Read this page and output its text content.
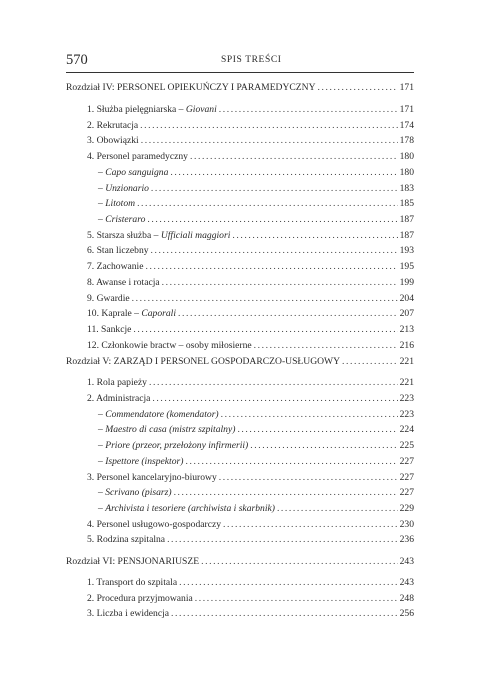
570	SPIS TREŚCI
Rozdział IV: PERSONEL OPIEKUŃCZY I PARAMEDYCZNY .....	171
1. Służba pielęgniarska – Giovani .....	171
2. Rekrutacja .....	174
3. Obowiązki .....	178
4. Personel paramedyczny .....	180
– Capo sanguigna .....	180
– Unzionario .....	183
– Litotom .....	185
– Cristeraro .....	187
5. Starsza służba – Ufficiali maggiori .....	187
6. Stan liczebny .....	193
7. Zachowanie .....	195
8. Awanse i rotacja .....	199
9. Gwardie .....	204
10. Kaprale – Caporali .....	207
11. Sankcje .....	213
12. Członkowie bractw – osoby miłosierne .....	216
Rozdział V: ZARZĄD I PERSONEL GOSPODARCZO-USŁUGOWY .....	221
1. Rola papieży .....	221
2. Administracja .....	223
– Commendatore (komendator) .....	223
– Maestro di casa (mistrz szpitalny) .....	224
– Priore (przeor, przełożony infirmerii) .....	225
– Ispettore (inspektor) .....	227
3. Personel kancelaryjno-biurowy .....	227
– Scrivano (pisarz) .....	227
– Archivista i tesoriere (archiwista i skarbnik) .....	229
4. Personel usługowo-gospodarczy .....	230
5. Rodzina szpitalna .....	236
Rozdział VI: PENSJONARIUSZE .....	243
1. Transport do szpitala .....	243
2. Procedura przyjmowania .....	248
3. Liczba i ewidencja .....	256
